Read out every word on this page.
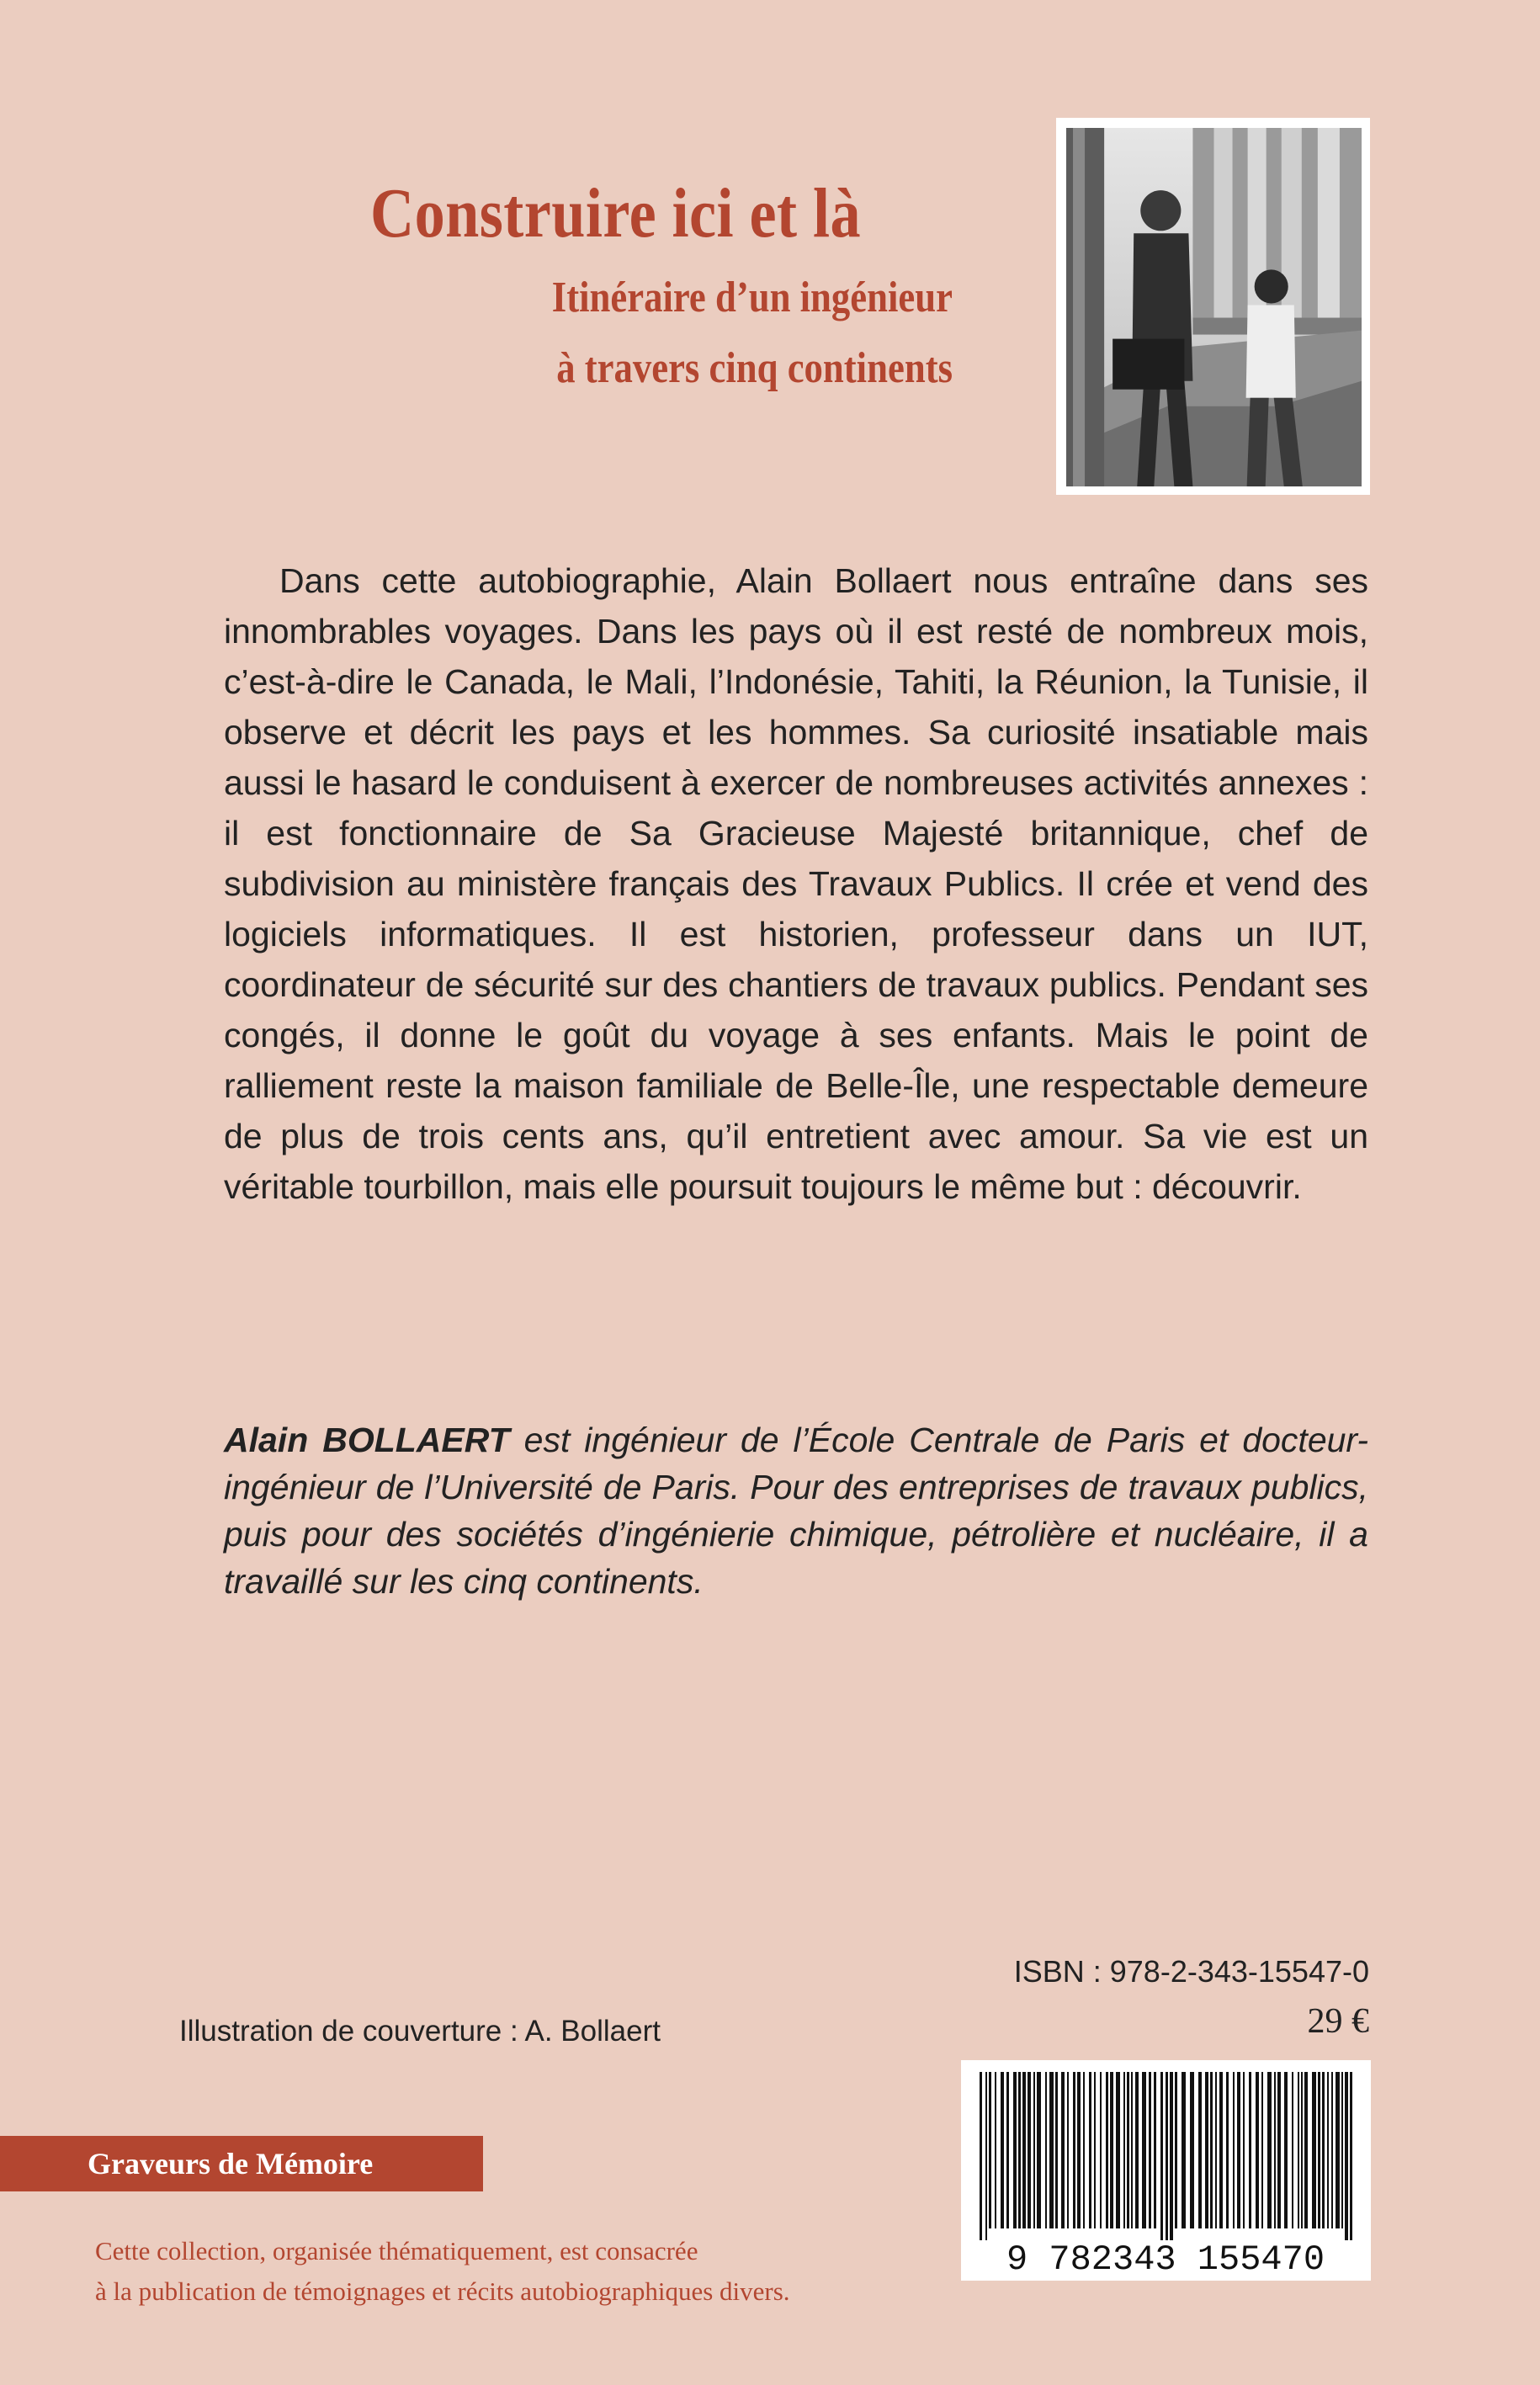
Construire ici et là
Itinéraire d’un ingénieur
à travers cinq continents

Dans cette autobiographie, Alain Bollaert nous entraîne dans ses innombrables voyages. Dans les pays où il est resté de nombreux mois, c’est-à-dire le Canada, le Mali, l’Indonésie, Tahiti, la Réunion, la Tunisie, il observe et décrit les pays et les hommes. Sa curiosité insatiable mais aussi le hasard le conduisent à exercer de nombreuses activités annexes : il est fonctionnaire de Sa Gracieuse Majesté britannique, chef de subdivision au ministère français des Travaux Publics. Il crée et vend des logiciels informatiques. Il est historien, professeur dans un IUT, coordinateur de sécurité sur des chantiers de travaux publics. Pendant ses congés, il donne le goût du voyage à ses enfants. Mais le point de ralliement reste la maison familiale de Belle-Île, une respectable demeure de plus de trois cents ans, qu’il entretient avec amour. Sa vie est un véritable tourbillon, mais elle poursuit toujours le même but : découvrir.

Alain BOLLAERT est ingénieur de l’École Centrale de Paris et docteur-ingénieur de l’Université de Paris. Pour des entreprises de travaux publics, puis pour des sociétés d’ingénierie chimique, pétrolière et nucléaire, il a travaillé sur les cinq continents.
ISBN : 978-2-343-15547-0
29 €
Illustration de couverture : A. Bollaert
9 782343 155470
Graveurs de Mémoire
Cette collection, organisée thématiquement, est consacrée
à la publication de témoignages et récits autobiographiques divers.
